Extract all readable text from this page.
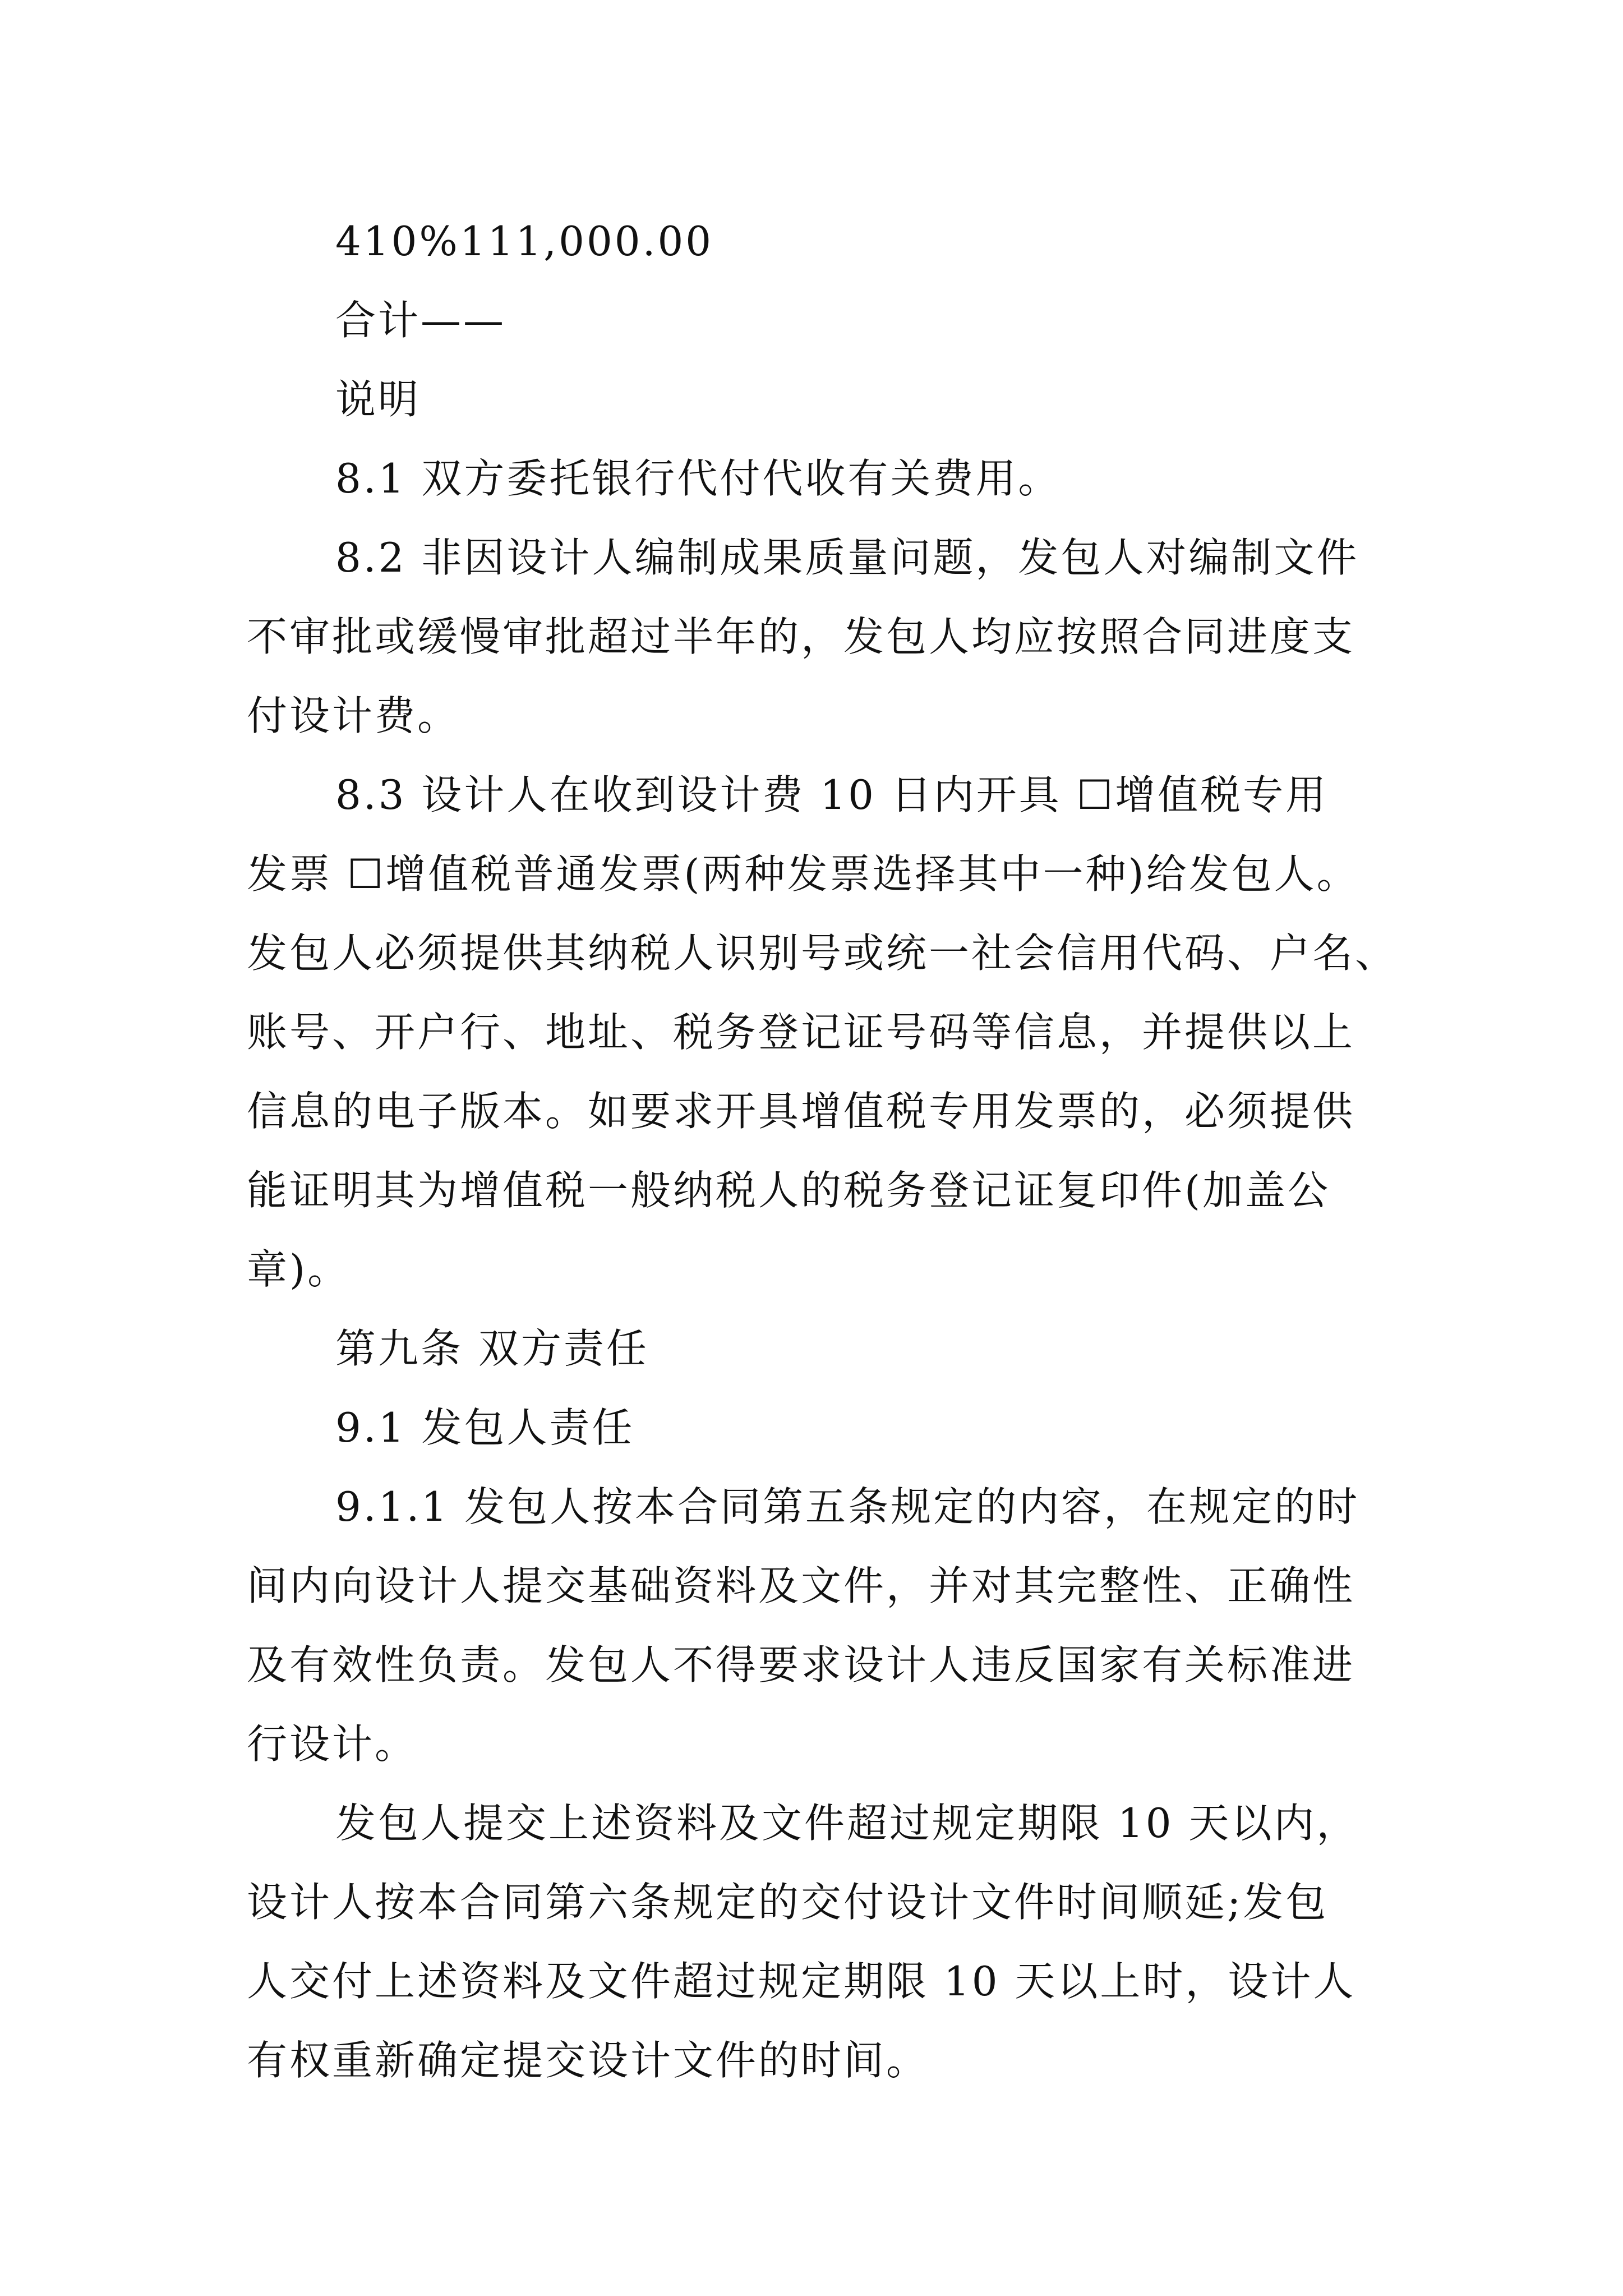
410%111,000.00
合计——
说明
8.1 双方委托银行代付代收有关费用。
8.2 非因设计人编制成果质量问题，发包人对编制文件
不审批或缓慢审批超过半年的，发包人均应按照合同进度支
付设计费。
8.3 设计人在收到设计费 10 日内开具 ☐增值税专用
发票 ☐增值税普通发票(两种发票选择其中一种)给发包人。
发包人必须提供其纳税人识别号或统一社会信用代码、户名、
账号、开户行、地址、税务登记证号码等信息，并提供以上
信息的电子版本。如要求开具增值税专用发票的，必须提供
能证明其为增值税一般纳税人的税务登记证复印件(加盖公
章)。
第九条 双方责任
9.1 发包人责任
9.1.1 发包人按本合同第五条规定的内容，在规定的时
间内向设计人提交基础资料及文件，并对其完整性、正确性
及有效性负责。发包人不得要求设计人违反国家有关标准进
行设计。
发包人提交上述资料及文件超过规定期限 10 天以内，
设计人按本合同第六条规定的交付设计文件时间顺延;发包
人交付上述资料及文件超过规定期限 10 天以上时，设计人
有权重新确定提交设计文件的时间。
